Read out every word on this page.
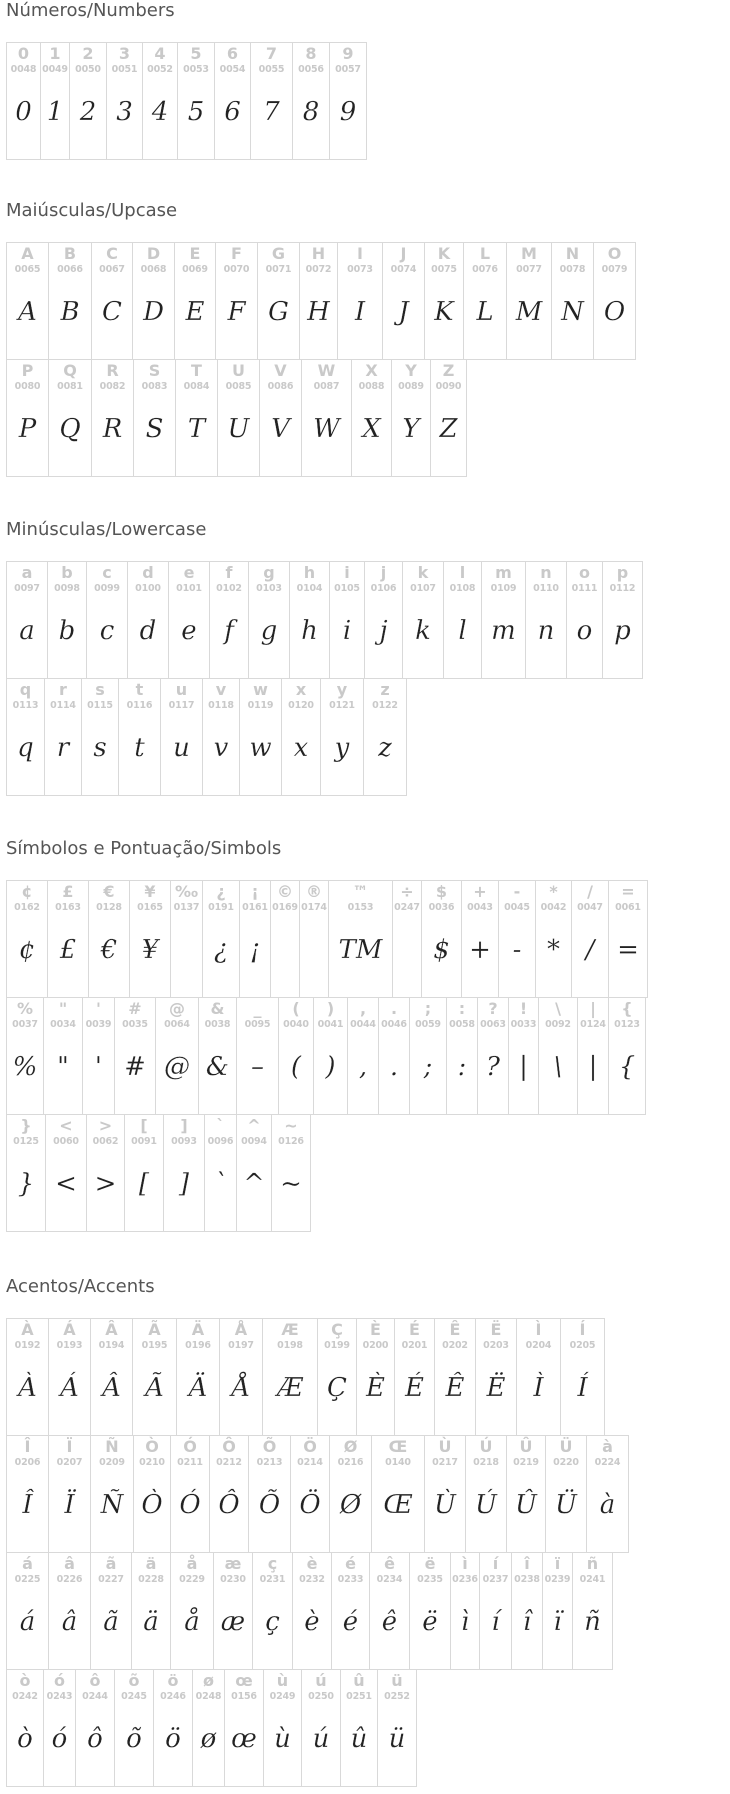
Números/Numbers
0
0048
0
1
0049
1
2
0050
2
3
0051
3
4
0052
4
5
0053
5
6
0054
6
7
0055
7
8
0056
8
9
0057
9
Maiúsculas/Upcase
A
0065
A
B
0066
B
C
0067
C
D
0068
D
E
0069
E
F
0070
F
G
0071
G
H
0072
H
I
0073
I
J
0074
J
K
0075
K
L
0076
L
M
0077
M
N
0078
N
O
0079
O
P
0080
P
Q
0081
Q
R
0082
R
S
0083
S
T
0084
T
U
0085
U
V
0086
V
W
0087
W
X
0088
X
Y
0089
Y
Z
0090
Z
Minúsculas/Lowercase
a
0097
a
b
0098
b
c
0099
c
d
0100
d
e
0101
e
f
0102
f
g
0103
g
h
0104
h
i
0105
i
j
0106
j
k
0107
k
l
0108
l
m
0109
m
n
0110
n
o
0111
o
p
0112
p
q
0113
q
r
0114
r
s
0115
s
t
0116
t
u
0117
u
v
0118
v
w
0119
w
x
0120
x
y
0121
y
z
0122
z
Símbolos e Pontuação/Simbols
¢
0162
¢
£
0163
£
€
0128
€
¥
0165
¥
‰
0137
¿
0191
¿
¡
0161
¡
©
0169
®
0174
™
0153
TM
÷
0247
$
0036
$
+
0043
+
-
0045
-
*
0042
*
/
0047
/
=
0061
=
%
0037
%
"
0034
"
'
0039
'
#
0035
#
@
0064
@
&
0038
&
_
0095
–
(
0040
(
)
0041
)
,
0044
,
.
0046
.
;
0059
;
:
0058
:
?
0063
?
!
0033
|
\
0092
\
|
0124
|
{
0123
{
}
0125
}
<
0060
<
>
0062
>
[
0091
[
]
0093
]
`
0096
`
^
0094
^
~
0126
~
Acentos/Accents
À
0192
À
Á
0193
Á
Â
0194
Â
Ã
0195
Ã
Ä
0196
Ä
Å
0197
Å
Æ
0198
Æ
Ç
0199
Ç
È
0200
È
É
0201
É
Ê
0202
Ê
Ë
0203
Ë
Ì
0204
Ì
Í
0205
Í
Î
0206
Î
Ï
0207
Ï
Ñ
0209
Ñ
Ò
0210
Ò
Ó
0211
Ó
Ô
0212
Ô
Õ
0213
Õ
Ö
0214
Ö
Ø
0216
Ø
Œ
0140
Œ
Ù
0217
Ù
Ú
0218
Ú
Û
0219
Û
Ü
0220
Ü
à
0224
à
á
0225
á
â
0226
â
ã
0227
ã
ä
0228
ä
å
0229
å
æ
0230
æ
ç
0231
ç
è
0232
è
é
0233
é
ê
0234
ê
ë
0235
ë
ì
0236
ì
í
0237
í
î
0238
î
ï
0239
ï
ñ
0241
ñ
ò
0242
ò
ó
0243
ó
ô
0244
ô
õ
0245
õ
ö
0246
ö
ø
0248
ø
œ
0156
œ
ù
0249
ù
ú
0250
ú
û
0251
û
ü
0252
ü
